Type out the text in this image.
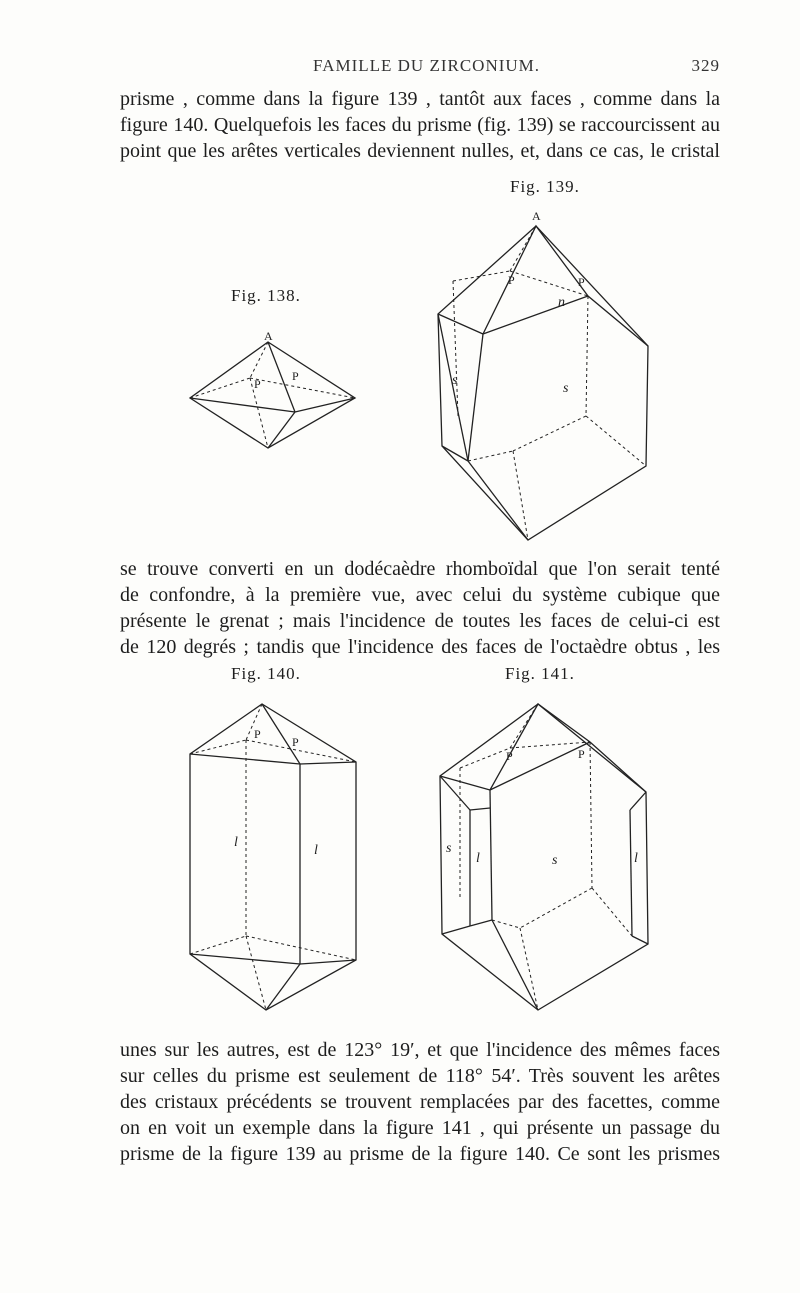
FAMILLE DU ZIRCONIUM.	329
prisme , comme dans la figure 139 , tantôt aux faces , comme dans la
figure 140. Quelquefois les faces du prisme (fig. 139) se raccourcissent au
point que les arêtes verticales deviennent nulles, et, dans ce cas, le cristal
Fig. 138.
Fig. 139.
Fig. 140.	Fig. 141.
A
P
P
A
P	P
n
s
s
se trouve converti en un dodécaèdre rhomboïdal que l'on serait tenté
de confondre, à la première vue, avec celui du système cubique que
présente le grenat ; mais l'incidence de toutes les faces de celui-ci est
de 120 degrés ; tandis que l'incidence des faces de l'octaèdre obtus , les
P
P
l
l
P	P
s
l	s	l
unes sur les autres, est de 123° 19′, et que l'incidence des mêmes faces
sur celles du prisme est seulement de 118° 54′. Très souvent les arêtes
des cristaux précédents se trouvent remplacées par des facettes, comme
on en voit un exemple dans la figure 141 , qui présente un passage du
prisme de la figure 139 au prisme de la figure 140. Ce sont les prismes
